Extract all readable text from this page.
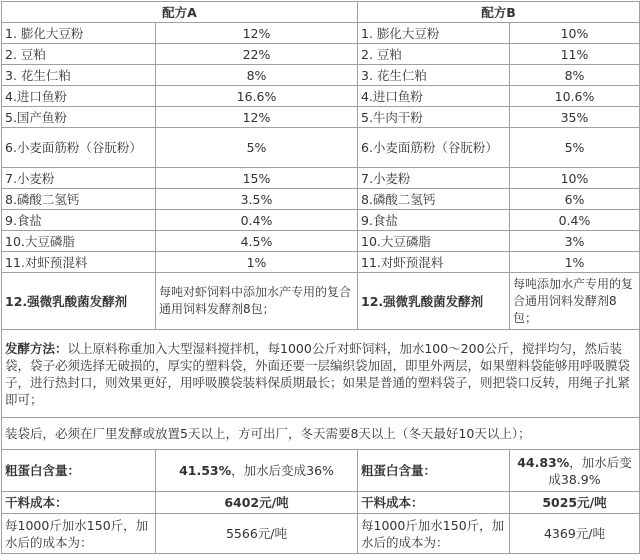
配方A		配方B	
1. 膨化大豆粉	12%	1. 膨化大豆粉	10%
2. 豆粕	22%	2. 豆粕	11%
3. 花生仁粕	8%	3. 花生仁粕	8%
4.进口鱼粉	16.6%	4.进口鱼粉	10.6%
5.国产鱼粉	12%	5.牛肉干粉	35%
6.小麦面筋粉（谷朊粉）	5%	6.小麦面筋粉（谷朊粉）	5%
7.小麦粉	15%	7.小麦粉	10%
8.磷酸二氢钙	3.5%	8.磷酸二氢钙	6%
9.食盐	0.4%	9.食盐	0.4%
10.大豆磷脂	4.5%	10.大豆磷脂	3%
11.对虾预混料	1%	11.对虾预混料	1%
12.强微乳酸菌发酵剂	每吨对虾饲料中添加水产专用的复合通用饲料发酵剂8包；	12.强微乳酸菌发酵剂	每吨添加水产专用的复合通用饲料发酵剂8包；
发酵方法：以上原料称重加入大型湿料搅拌机，每1000公斤对虾饲料，加水100～200公斤，搅拌均匀，然后装袋，袋子必须选择无破损的，厚实的塑料袋，外面还要一层编织袋加固，即里外两层，如果塑料袋能够用呼吸膜袋子，进行热封口，则效果更好，用呼吸膜袋装料保质期最长；如果是普通的塑料袋子，则把袋口反转，用绳子扎紧即可；			
装袋后，必须在厂里发酵或放置5天以上，方可出厂，冬天需要8天以上（冬天最好10天以上）；			
粗蛋白含量：	41.53%，加水后变成36%	粗蛋白含量：	44.83%，加水后变成38.9%
干料成本：	6402元/吨	干料成本：	5025元/吨
每1000斤加水150斤，加水后的成本为：	5566元/吨	每1000斤加水150斤，加水后的成本为：	4369元/吨
